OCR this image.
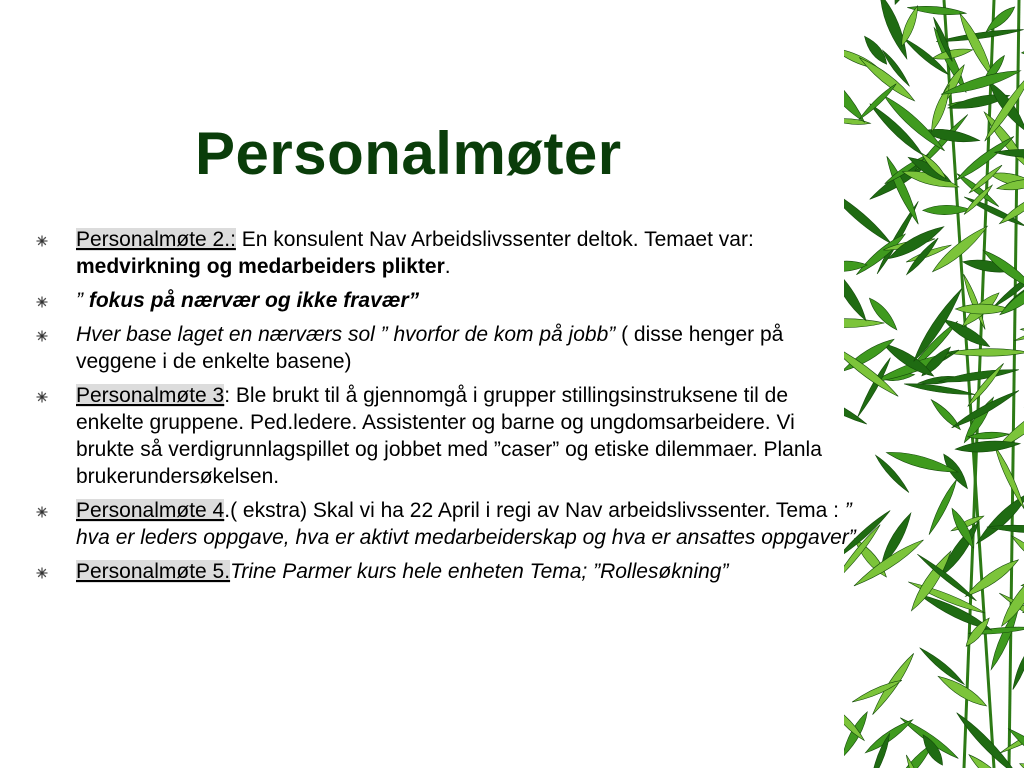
Personalmøter
Personalmøte 2.: En konsulent Nav Arbeidslivssenter deltok. Temaet var: medvirkning og medarbeiders plikter.
” fokus på nærvær og ikke fravær”
Hver base laget en nærværs sol ” hvorfor de kom på jobb” ( disse henger på veggene i de enkelte basene)
Personalmøte 3: Ble brukt til å gjennomgå i grupper stillingsinstruksene til de enkelte gruppene. Ped.ledere. Assistenter og barne og ungdomsarbeidere. Vi brukte så verdigrunnlagspillet og jobbet med ”caser” og etiske dilemmaer. Planla brukerundersøkelsen.
Personalmøte 4.( ekstra) Skal vi ha 22 April i regi av Nav arbeidslivssenter. Tema : ” hva er leders oppgave, hva er aktivt medarbeiderskap og hva er ansattes oppgaver”
Personalmøte 5.Trine Parmer kurs hele enheten Tema; ”Rollesøkning”
